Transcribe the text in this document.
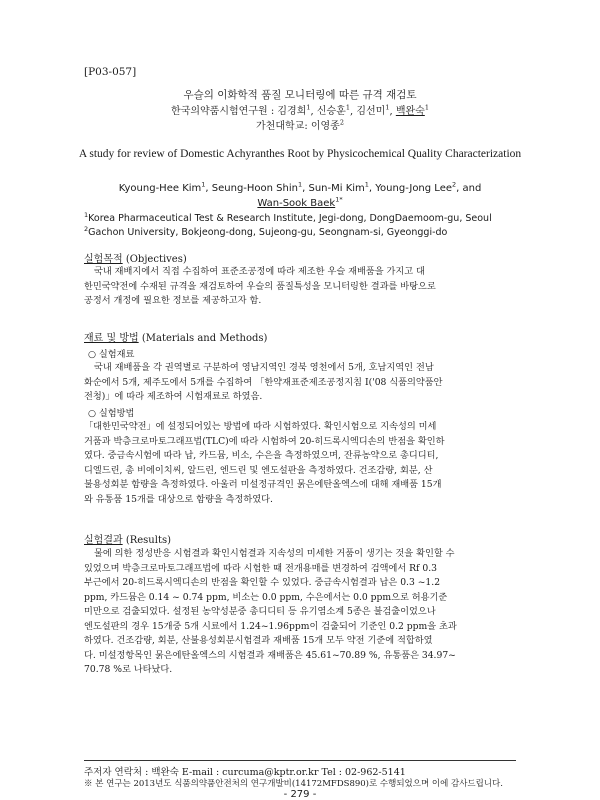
[P03-057]
우슬의 이화학적 품질 모니터링에 따른 규격 재검토
한국의약품시험연구원 : 김경희$^1$, 신승훈$^1$, 김선미$^1$, 백완숙$^1$
가천대학교: 이영종$^2$
A study for review of Domestic Achyranthes Root by Physicochemical Quality Characterization
Kyoung-Hee Kim$^1$, Seung-Hoon Shin$^1$, Sun-Mi Kim$^1$, Young-Jong Lee$^2$, and
Wan-Sook Baek$^{1*}$
$^1$Korea Pharmaceutical Test & Research Institute, Jegi-dong, DongDaemoom-gu, Seoul
$^2$Gachon University, Bokjeong-dong, Sujeong-gu, Seongnam-si, Gyeonggi-do
실험목적 (Objectives)
국내 재배지에서 직접 수집하여 표준조공정에 따라 제조한 우슬 재배품을 가지고 대
한민국약전에 수재된 규격을 재검토하여 우슬의 품질특성을 모니터링한 결과를 바탕으로
공정서 개정에 필요한 정보를 제공하고자 함.
재료 및 방법 (Materials and Methods)
○ 실험재료
국내 재배품을 각 권역별로 구분하여 영남지역인 경북 영천에서 5개, 호남지역인 전남
화순에서 5개, 제주도에서 5개를 수집하여 「한약재표준제조공정지침 I('08 식품의약품안
전청)」에 따라 제조하여 시험재료로 하였음.
○ 실험방법
「대한민국약전」에 설정되어있는 방법에 따라 시험하였다. 확인시험으로 지속성의 미세
거품과 박층크로마토그래프법(TLC)에 따라 시험하여 20-히드록시엑디손의 반점을 확인하
였다. 중금속시험에 따라 납, 카드뮴, 비소, 수은을 측정하였으며, 잔류농약으로 총디디티,
디엘드린, 총 비에이치씨, 알드린, 엔드린 및 엔도설판을 측정하였다. 건조감량, 회분, 산
불용성회분 함량을 측정하였다. 아울러 미설정규격인 묽은에탄올엑스에 대해 재배품 15개
와 유통품 15개를 대상으로 함량을 측정하였다.
실험결과 (Results)
물에 의한 정성반응 시험결과 확인시험결과 지속성의 미세한 거품이 생기는 것을 확인할 수
있었으며 박층크로마토그래프법에 따라 시험한 때 전개용매를 변경하여 검액에서 Rf 0.3
부근에서 20-히드록시엑디손의 반점을 확인할 수 있었다. 중금속시험결과 납은 0.3 ~1.2
ppm, 카드뮴은 0.14 ~ 0.74 ppm, 비소는 0.0 ppm, 수은에서는 0.0 ppm으로 허용기준
미만으로 검출되었다. 설정된 농약성분중 총디디티 등 유기염소계 5종은 불검출이었으나
엔도설판의 경우 15개중 5개 시료에서 1.24~1.96ppm이 검출되어 기준인 0.2 ppm을 초과
하였다. 건조감량, 회분, 산불용성회분시험결과 재배품 15개 모두 약전 기준에 적합하였
다. 미설정항목인 묽은에탄올엑스의 시험결과 재배품은 45.61~70.89 %, 유통품은 34.97~
70.78 %로 나타났다.
주저자 연락처 : 백완숙 E-mail : curcuma@kptr.or.kr Tel : 02-962-5141
※ 본 연구는 2013년도 식품의약품안전처의 연구개발비(14172MFDS890)로 수행되었으며 이에 감사드립니다.
- 279 -
